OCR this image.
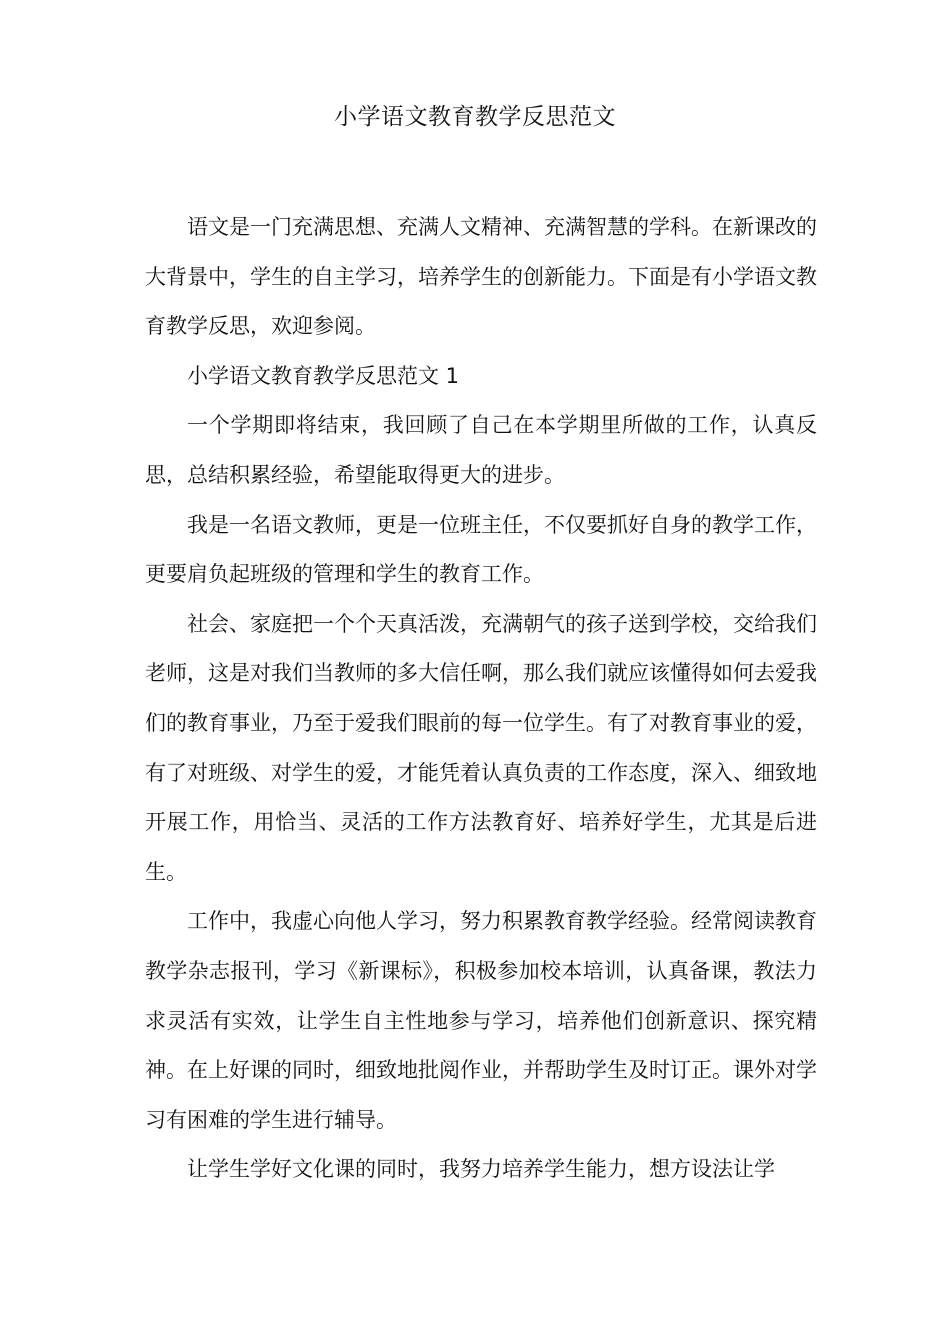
小学语文教育教学反思范文

语文是一门充满思想、充满人文精神、充满智慧的学科。在新课改的大背景中，学生的自主学习，培养学生的创新能力。下面是有小学语文教育教学反思，欢迎参阅。

小学语文教育教学反思范文 1

一个学期即将结束，我回顾了自己在本学期里所做的工作，认真反思，总结积累经验，希望能取得更大的进步。

我是一名语文教师，更是一位班主任，不仅要抓好自身的教学工作，更要肩负起班级的管理和学生的教育工作。

社会、家庭把一个个天真活泼，充满朝气的孩子送到学校，交给我们老师，这是对我们当教师的多大信任啊，那么我们就应该懂得如何去爱我们的教育事业，乃至于爱我们眼前的每一位学生。有了对教育事业的爱，有了对班级、对学生的爱，才能凭着认真负责的工作态度，深入、细致地开展工作，用恰当、灵活的工作方法教育好、培养好学生，尤其是后进生。

工作中，我虚心向他人学习，努力积累教育教学经验。经常阅读教育教学杂志报刊，学习《新课标》，积极参加校本培训，认真备课，教法力求灵活有实效，让学生自主性地参与学习，培养他们创新意识、探究精神。在上好课的同时，细致地批阅作业，并帮助学生及时订正。课外对学习有困难的学生进行辅导。

让学生学好文化课的同时，我努力培养学生能力，想方设法让学
